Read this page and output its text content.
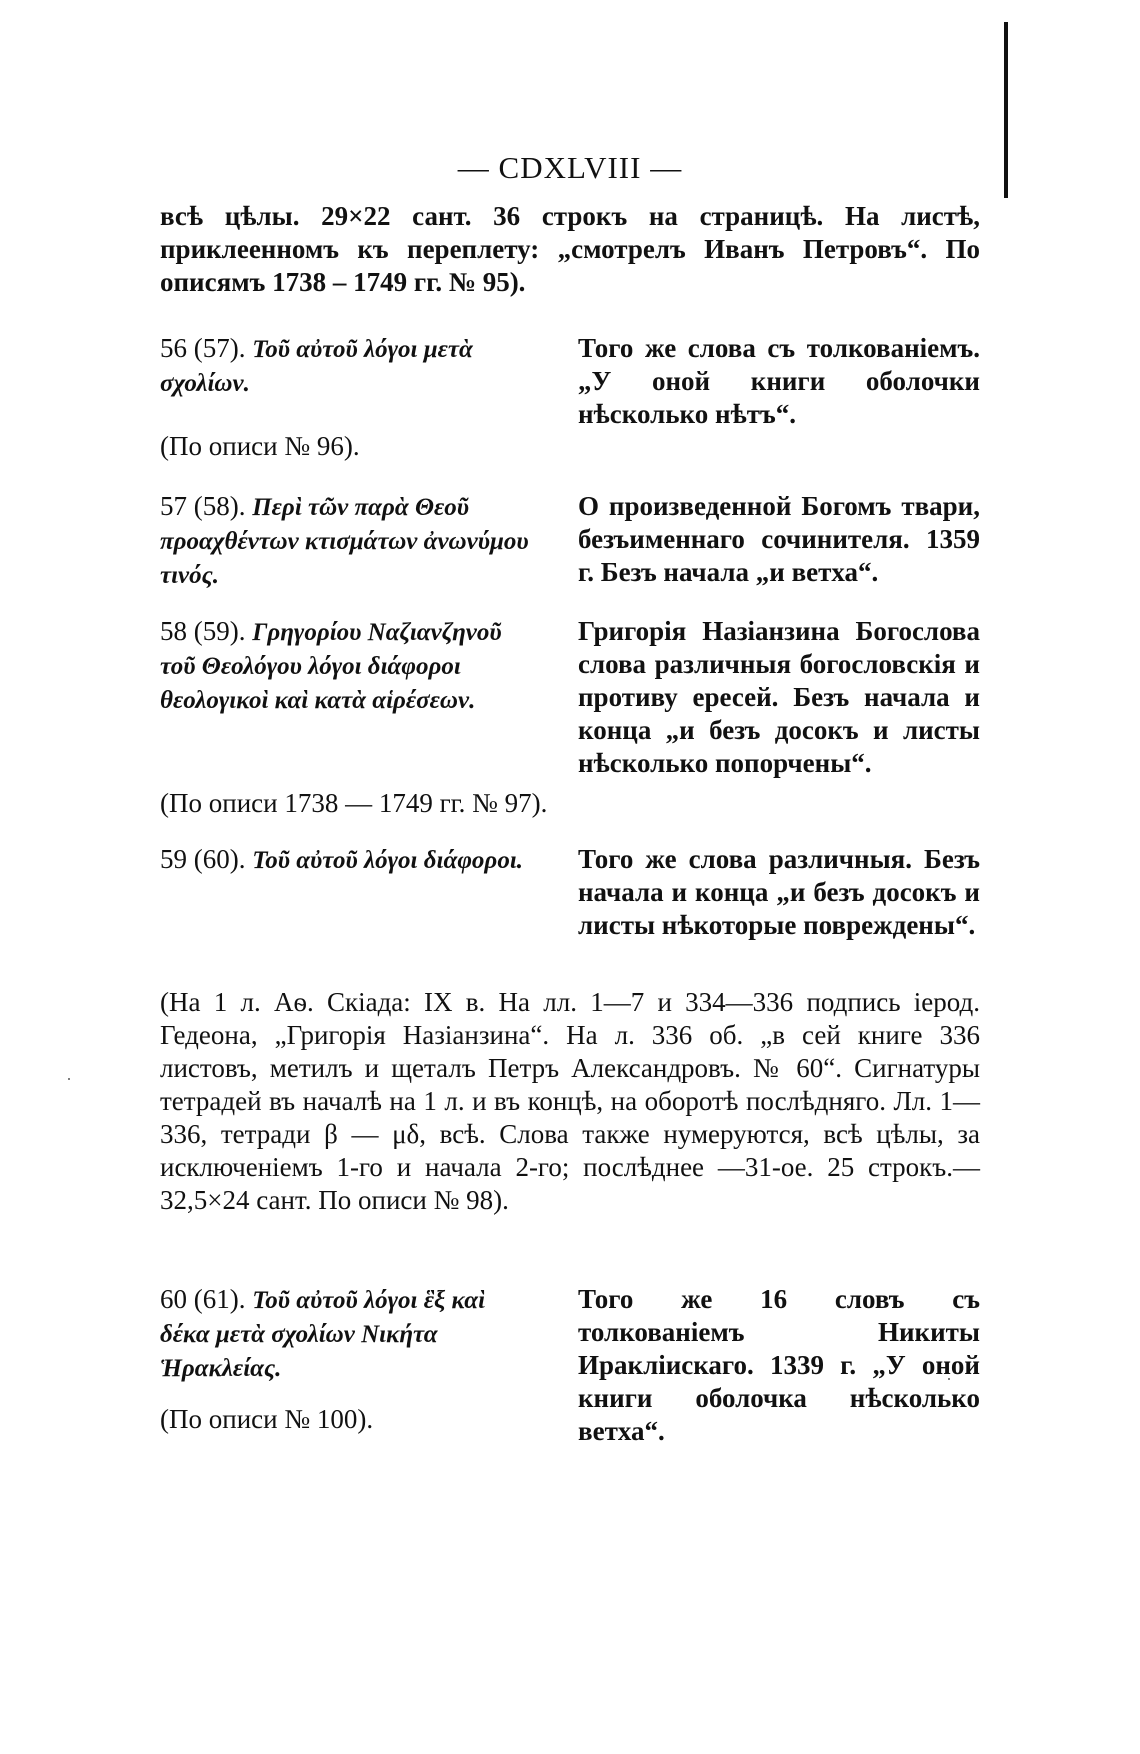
— CDXLVIII —

всѣ цѣлы. 29×22 сант. 36 строкъ на страницѣ. На листѣ, приклеенномъ къ переплету: „смотрелъ Иванъ Петровъ“. По описямъ 1738 – 1749 гг. № 95).

56 (57). Τοῦ αὐτοῦ λόγοι μετὰ σχολίων.
Того же слова съ толкованіемъ. „У оной книги оболочки нѣсколько нѣтъ“.
(По описи № 96).
57 (58). Περὶ τῶν παρὰ Θεοῦ προαχθέντων κτισμάτων ἀνωνύμου τινός.
О произведенной Богомъ твари, безъименнаго сочинителя. 1359 г. Безъ начала „и ветха“.
58 (59). Γρηγορίου Ναζιανζηνοῦ τοῦ Θεολόγου λόγοι διάφοροι θεολογικοὶ καὶ κατὰ αἱρέσεων.
Григорія Назіанзина Богослова слова различныя богословскія и противу ересей. Безъ начала и конца „и безъ досокъ и листы нѣсколько попорчены“.
(По описи 1738 — 1749 гг. № 97).
59 (60). Τοῦ αὐτοῦ λόγοι διάφοροι.	Того же слова различныя. Безъ начала и конца „и безъ досокъ и листы нѣкоторые повреждены“.

(На 1 л. Аѳ. Скіада: IX в. На лл. 1—7 и 334—336 подпись іерод. Гедеона, „Григорія Назіанзина“. На л. 336 об. „в сей книге 336 листовъ, метилъ и щеталъ Петръ Александровъ. № 60“. Сигнатуры тетрадей въ началѣ на 1 л. и въ концѣ, на оборотѣ послѣдняго. Лл. 1—336, тетради β — μδ, всѣ. Слова также нумеруются, всѣ цѣлы, за исключеніемъ 1-го и начала 2-го; послѣднее —31-ое. 25 строкъ.— 32,5×24 сант. По описи № 98).

60 (61). Τοῦ αὐτοῦ λόγοι ἓξ καὶ δέκα μετὰ σχολίων Νικήτα Ἡρακλείας.
Того же 16 словъ съ толкованіемъ Никиты Иракліискаго. 1339 г. „У оной книги оболочка нѣсколько ветха“.
(По описи № 100).
